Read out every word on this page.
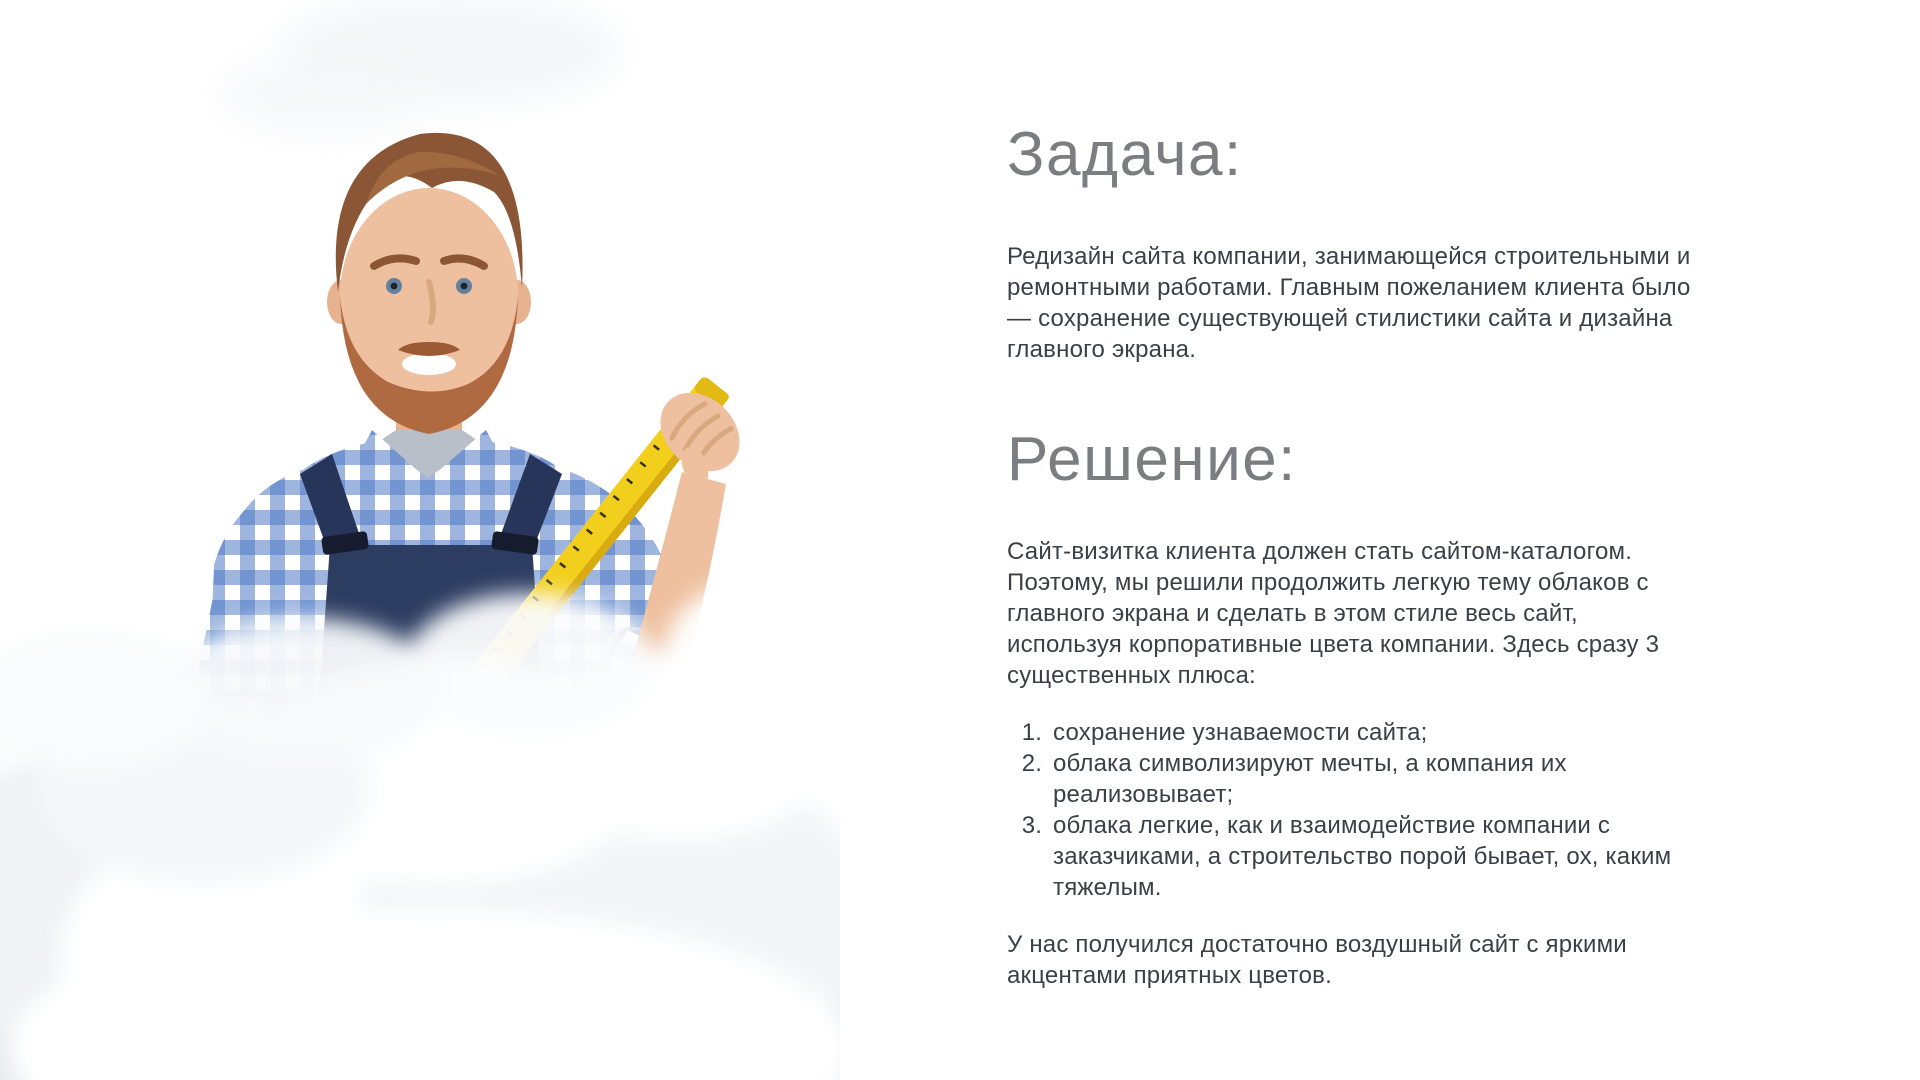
Задача:

Редизайн сайта компании, занимающейся строительными и ремонтными работами. Главным пожеланием клиента было — сохранение существующей стилистики сайта и дизайна главного экрана.

Решение:

Сайт-визитка клиента должен стать сайтом-каталогом. Поэтому, мы решили продолжить легкую тему облаков с главного экрана и сделать в этом стиле весь сайт, используя корпоративные цвета компании. Здесь сразу 3 существенных плюса:

1. сохранение узнаваемости сайта;
2. облака символизируют мечты, а компания их реализовывает;
3. облака легкие, как и взаимодействие компании с заказчиками, а строительство порой бывает, ох, каким тяжелым.

У нас получился достаточно воздушный сайт с яркими акцентами приятных цветов.
